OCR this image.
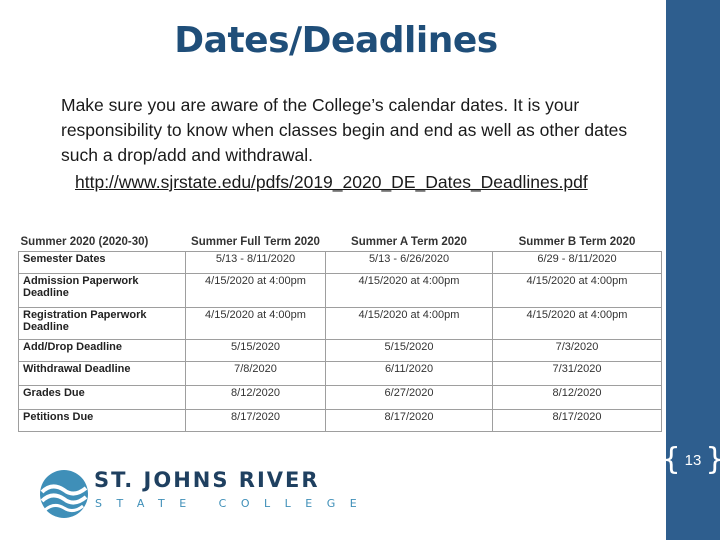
{ 13 }
Dates/Deadlines
Make sure you are aware of the College’s calendar dates. It is your responsibility to know when classes begin and end as well as other dates such a drop/add and withdrawal.
http://www.sjrstate.edu/pdfs/2019_2020_DE_Dates_Deadlines.pdf
Summer 2020 (2020-30)	Summer Full Term 2020	Summer A Term 2020	Summer B Term 2020
Semester Dates	5/13 - 8/11/2020	5/13 - 6/26/2020	6/29 - 8/11/2020
Admission Paperwork Deadline	4/15/2020 at 4:00pm	4/15/2020 at 4:00pm	4/15/2020 at 4:00pm
Registration Paperwork Deadline	4/15/2020 at 4:00pm	4/15/2020 at 4:00pm	4/15/2020 at 4:00pm
Add/Drop Deadline	5/15/2020	5/15/2020	7/3/2020
Withdrawal Deadline	7/8/2020	6/11/2020	7/31/2020
Grades Due	8/12/2020	6/27/2020	8/12/2020
Petitions Due	8/17/2020	8/17/2020	8/17/2020
ST. JOHNS RIVER
STATE COLLEGE
